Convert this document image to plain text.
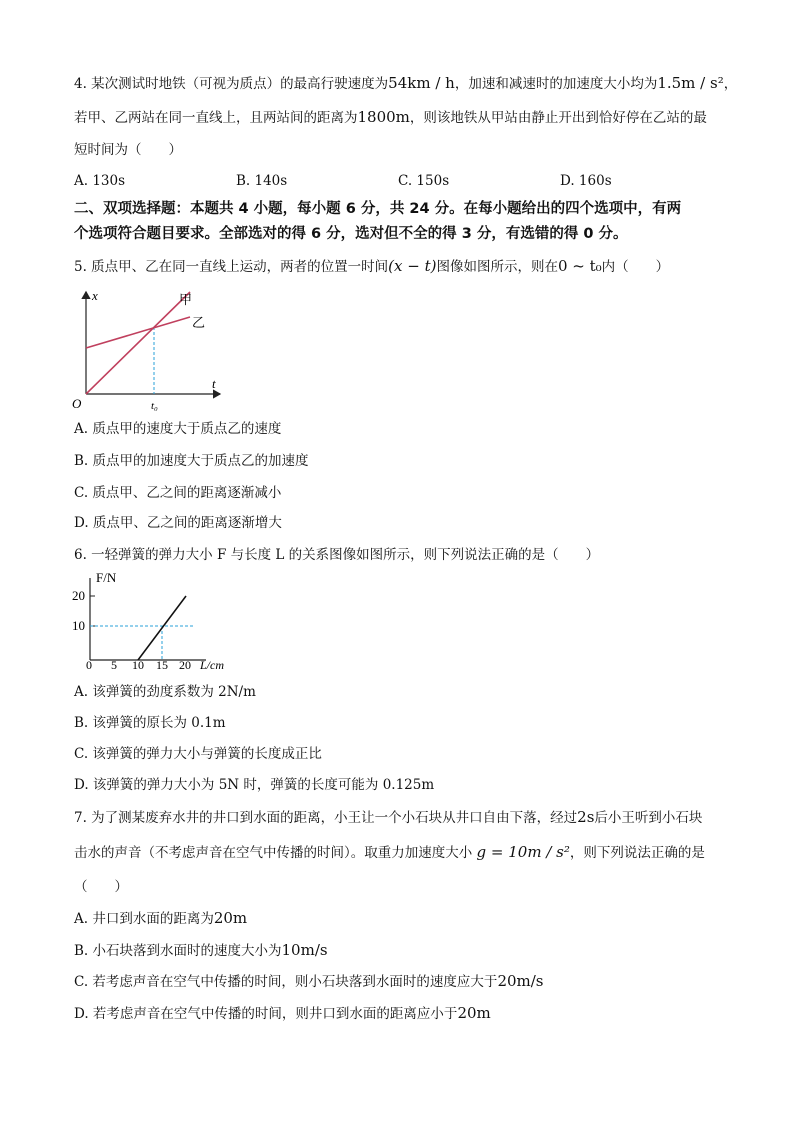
4. 某次测试时地铁（可视为质点）的最高行驶速度为54km / h，加速和减速时的加速度大小均为1.5m / s²，
若甲、乙两站在同一直线上，且两站间的距离为1800m，则该地铁从甲站由静止开出到恰好停在乙站的最
短时间为（　　）
A. 130s	B. 140s	C. 150s	D. 160s
二、双项选择题：本题共 4 小题，每小题 6 分，共 24 分。在每小题给出的四个选项中，有两
个选项符合题目要求。全部选对的得 6 分，选对但不全的得 3 分，有选错的得 0 分。
5. 质点甲、乙在同一直线上运动，两者的位置一时间(x − t)图像如图所示，则在0 ~ t₀内（　　）
x
t
O
甲
乙
t₀
A. 质点甲的速度大于质点乙的速度
B. 质点甲的加速度大于质点乙的加速度
C. 质点甲、乙之间的距离逐渐减小
D. 质点甲、乙之间的距离逐渐增大
6. 一轻弹簧的弹力大小 F 与长度 L 的关系图像如图所示，则下列说法正确的是（　　）
F/N
20
10
0 5 10 15 20 L/cm
A. 该弹簧的劲度系数为 2N/m
B. 该弹簧的原长为 0.1m
C. 该弹簧的弹力大小与弹簧的长度成正比
D. 该弹簧的弹力大小为 5N 时，弹簧的长度可能为 0.125m
7. 为了测某废弃水井的井口到水面的距离，小王让一个小石块从井口自由下落，经过2s后小王听到小石块
击水的声音（不考虑声音在空气中传播的时间）。取重力加速度大小 g = 10m / s²，则下列说法正确的是
（　　）
A. 井口到水面的距离为20m
B. 小石块落到水面时的速度大小为10m/s
C. 若考虑声音在空气中传播的时间，则小石块落到水面时的速度应大于20m/s
D. 若考虑声音在空气中传播的时间，则井口到水面的距离应小于20m
